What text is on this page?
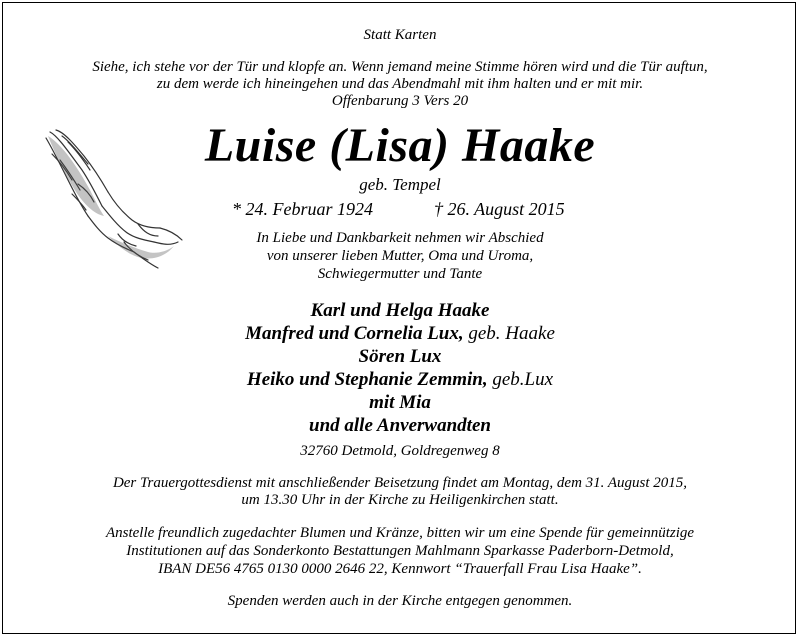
Statt Karten
Siehe, ich stehe vor der Tür und klopfe an. Wenn jemand meine Stimme hören wird und die Tür auftun,
zu dem werde ich hineingehen und das Abendmahl mit ihm halten und er mit mir.
Offenbarung 3 Vers 20
Luise (Lisa) Haake
geb. Tempel
* 24. Februar 1924	† 26. August 2015
In Liebe und Dankbarkeit nehmen wir Abschied
von unserer lieben Mutter, Oma und Uroma,
Schwiegermutter und Tante
Karl und Helga Haake
Manfred und Cornelia Lux, geb. Haake
Sören Lux
Heiko und Stephanie Zemmin, geb.Lux
mit Mia
und alle Anverwandten
32760 Detmold, Goldregenweg 8
Der Trauergottesdienst mit anschließender Beisetzung findet am Montag, dem 31. August 2015,
um 13.30 Uhr in der Kirche zu Heiligenkirchen statt.
Anstelle freundlich zugedachter Blumen und Kränze, bitten wir um eine Spende für gemeinnützige
Institutionen auf das Sonderkonto Bestattungen Mahlmann Sparkasse Paderborn-Detmold,
IBAN DE56 4765 0130 0000 2646 22, Kennwort “Trauerfall Frau Lisa Haake”.
Spenden werden auch in der Kirche entgegen genommen.
